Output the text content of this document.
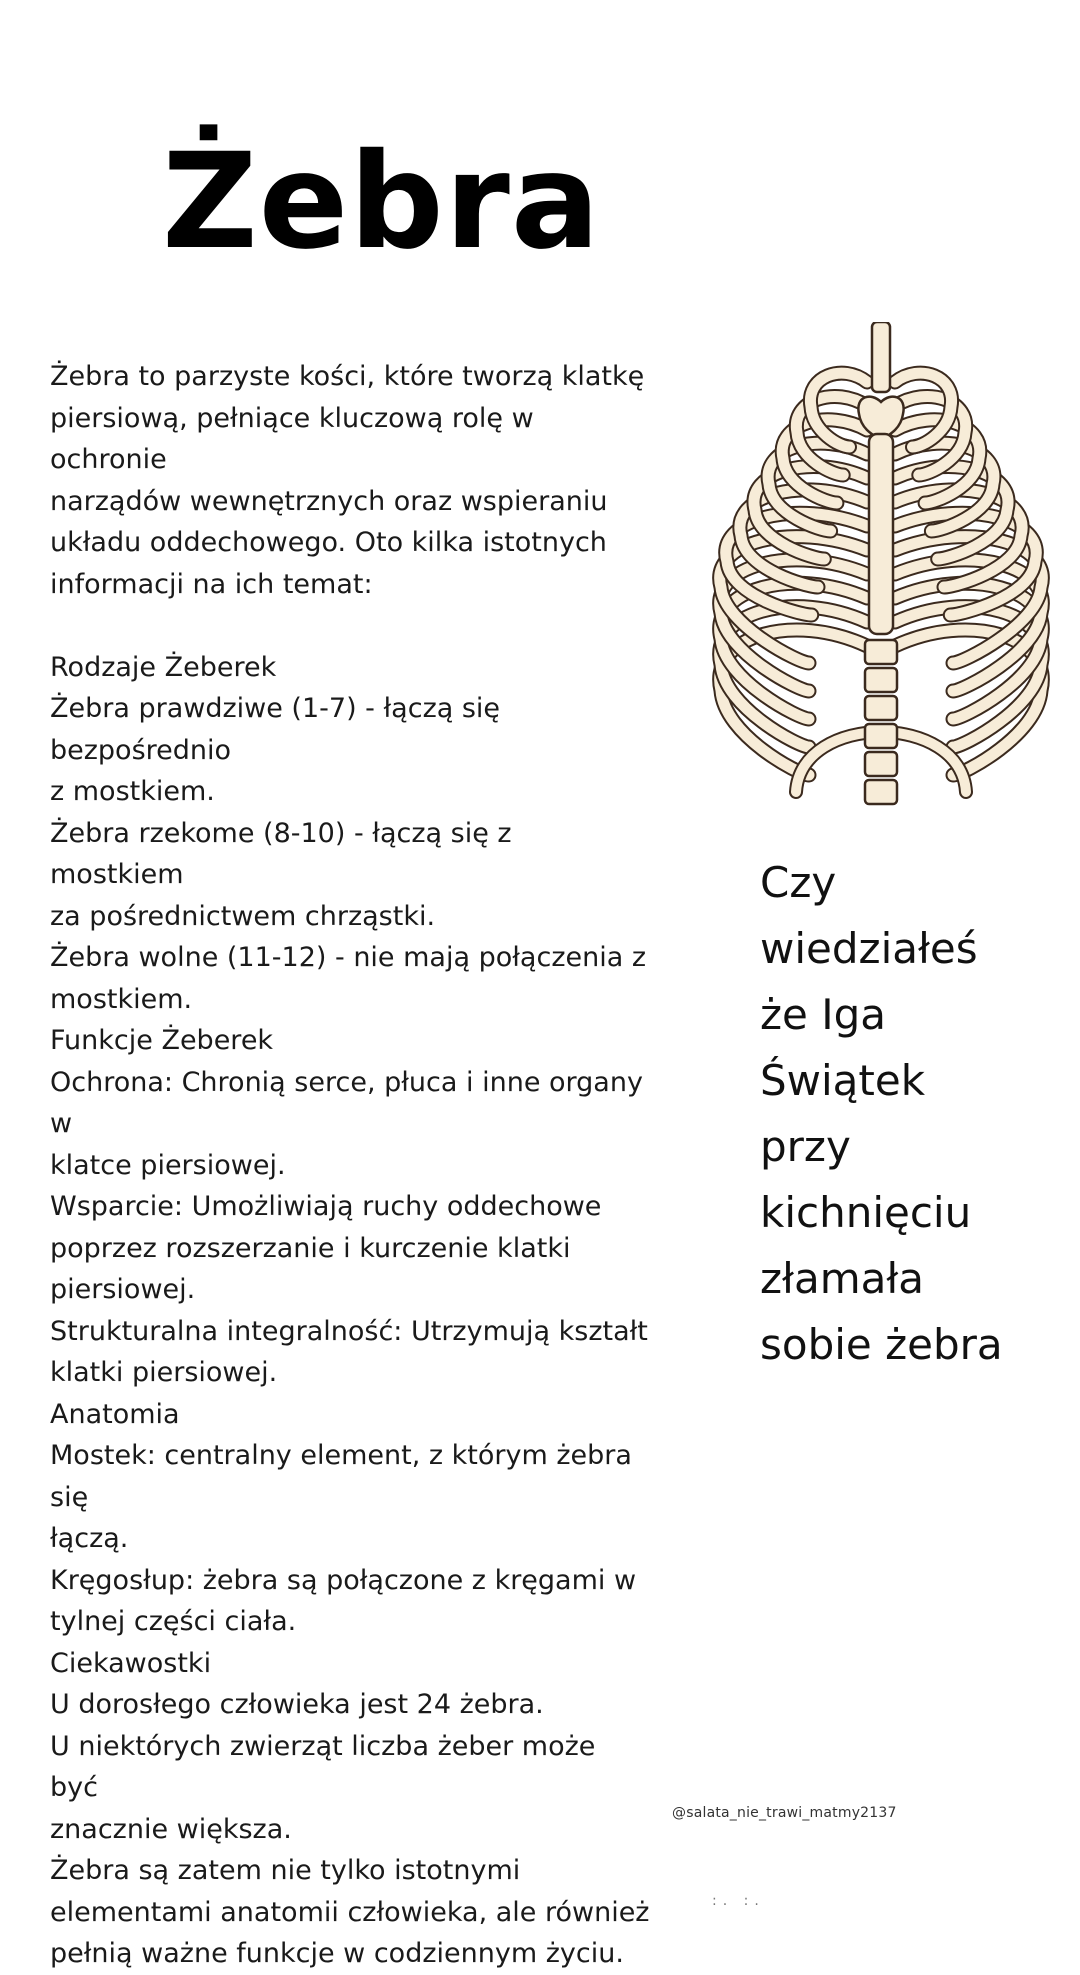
Żebra

Żebra to parzyste kości, które tworzą klatkę
piersiową, pełniące kluczową rolę w ochronie
narządów wewnętrznych oraz wspieraniu
układu oddechowego. Oto kilka istotnych
informacji na ich temat:

Rodzaje Żeberek

Żebra prawdziwe (1-7) - łączą się bezpośrednio
z mostkiem.

Żebra rzekome (8-10) - łączą się z mostkiem
za pośrednictwem chrząstki.

Żebra wolne (11-12) - nie mają połączenia z
mostkiem.

Funkcje Żeberek

Ochrona: Chronią serce, płuca i inne organy w
klatce piersiowej.

Wsparcie: Umożliwiają ruchy oddechowe
poprzez rozszerzanie i kurczenie klatki
piersiowej.

Strukturalna integralność: Utrzymują kształt
klatki piersiowej.

Anatomia

Mostek: centralny element, z którym żebra się
łączą.

Kręgosłup: żebra są połączone z kręgami w
tylnej części ciała.

Ciekawostki

U dorosłego człowieka jest 24 żebra.

U niektórych zwierząt liczba żeber może być
znacznie większa.

Żebra są zatem nie tylko istotnymi
elementami anatomii człowieka, ale również
pełnią ważne funkcje w codziennym życiu.

Czy
wiedziałeś
że Iga
Świątek
przy
kichnięciu
złamała
sobie żebra
@salata_nie_trawi_matmy2137
:. :.
